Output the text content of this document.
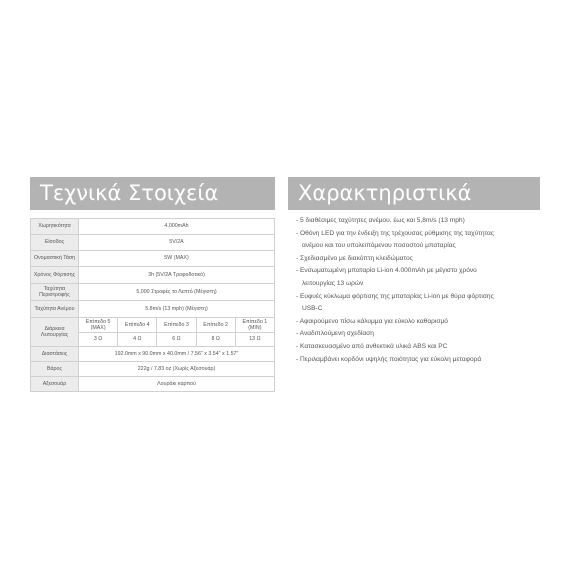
Τεχνικά Στοιχεία
Χωρητικότητα	4,000mAh				
Είσοδος	5V/2A				
Ονομαστική Τάση	5W (MAX)				
Χρόνος Φόρτισης	3h (5V/2A Τροφοδοτικό)				
Ταχύτητα Περιστροφής	5,000 Στροφές το Λεπτό (Μέγιστη)				
Ταχύτητα Ανέμου	5.8m/s (13 mph) (Μέγιστη)				
Διάρκεια Λειτουργίας	Επίπεδο 5 (MAX)	Επίπεδο 4	Επίπεδο 3	Επίπεδο 2	Επίπεδο 1 (MIN)
	3 Ω	4 Ω	6 Ω	8 Ω	13 Ω
Διαστάσεις	192.0mm x 90.0mm x 40.0mm / 7.56" x 3.54" x 1.57"				
Βάρος	222g / 7.83 oz (Χωρίς Αξεσουάρ)				
Αξεσουάρ	Λουράκι καρπού				
Χαρακτηριστικά
- 5 διαθέσιμες ταχύτητες ανέμου, έως και 5,8m/s (13 mph)
- Οθόνη LED για την ένδειξη της τρέχουσας ρύθμισης της ταχύτητας
ανέμου και του υπολειπόμενου ποσοστού μπαταρίας
- Σχεδιασμένο με διακόπτη κλειδώματος
- Ενσωματωμένη μπαταρία Li-ion 4.000mAh με μέγιστο χρόνο
λειτουργίας 13 ωρών
- Ευφυές κύκλωμα φόρτισης της μπαταρίας Li-ion με θύρα φόρτισης
USB-C
- Αφαιρούμενο πίσω κάλυμμα για εύκολο καθαρισμό
- Αναδιπλούμενη σχεδίαση
- Κατασκευασμένο από ανθεκτικά υλικά ABS και PC
- Περιλαμβάνει κορδόνι υψηλής ποιότητας για εύκολη μεταφορά
